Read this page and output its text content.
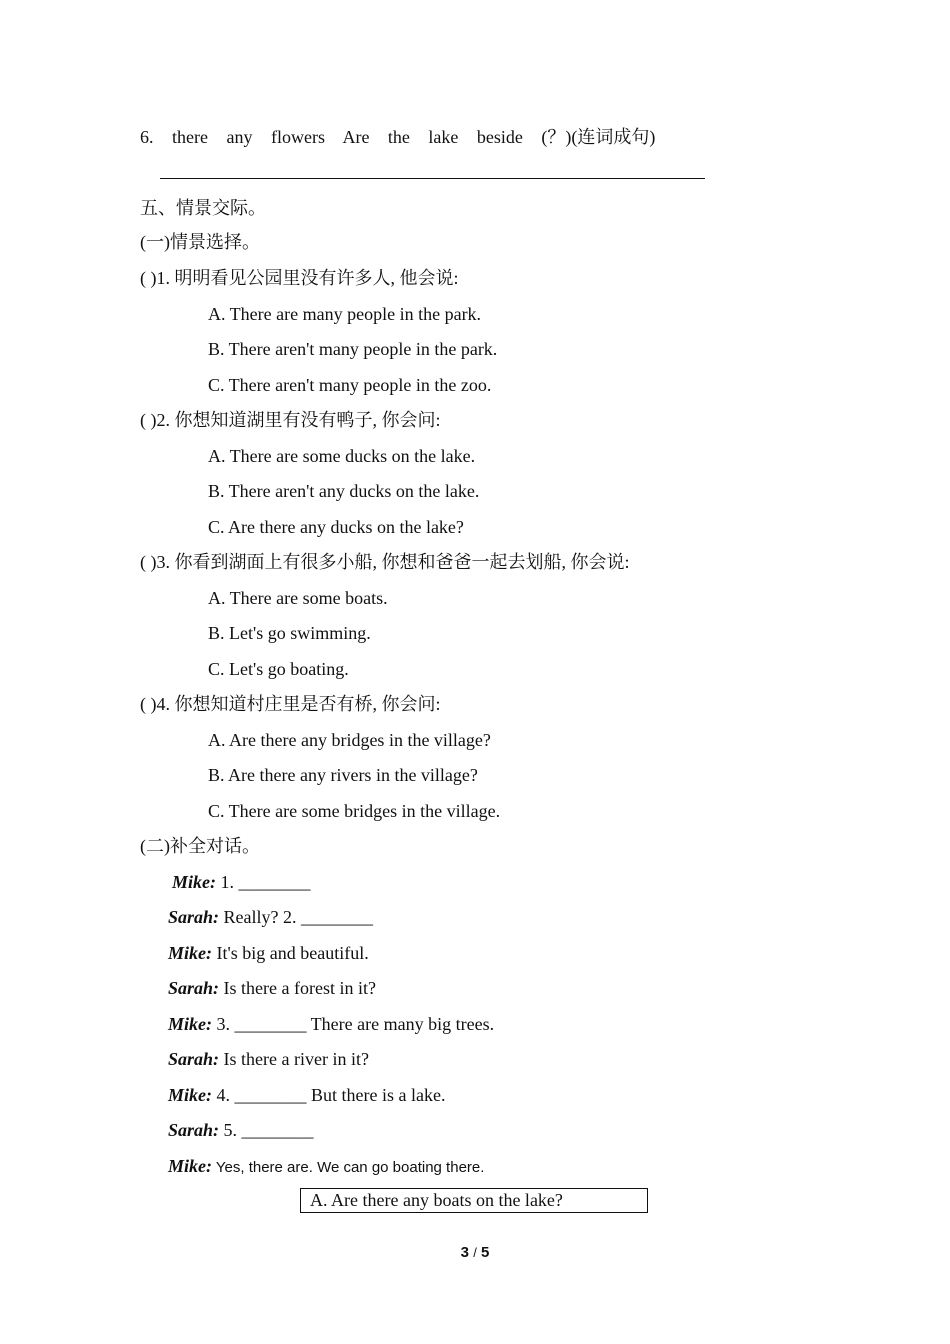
6. there any flowers Are the lake beside (？)(连词成句)
五、情景交际。
(一)情景选择。
( )1. 明明看见公园里没有许多人, 他会说:
A. There are many people in the park.
B. There aren't many people in the park.
C. There aren't many people in the zoo.
( )2. 你想知道湖里有没有鸭子, 你会问:
A. There are some ducks on the lake.
B. There aren't any ducks on the lake.
C. Are there any ducks on the lake?
( )3. 你看到湖面上有很多小船, 你想和爸爸一起去划船, 你会说:
A. There are some boats.
B. Let's go swimming.
C. Let's go boating.
( )4. 你想知道村庄里是否有桥, 你会问:
A. Are there any bridges in the village?
B. Are there any rivers in the village?
C. There are some bridges in the village.
(二)补全对话。
Mike: 1. ________
Sarah: Really? 2. ________
Mike: It's big and beautiful.
Sarah: Is there a forest in it?
Mike: 3. ________ There are many big trees.
Sarah: Is there a river in it?
Mike: 4. ________ But there is a lake.
Sarah: 5. ________
Mike: Yes, there are. We can go boating there.
A. Are there any boats on the lake?
3 / 5
